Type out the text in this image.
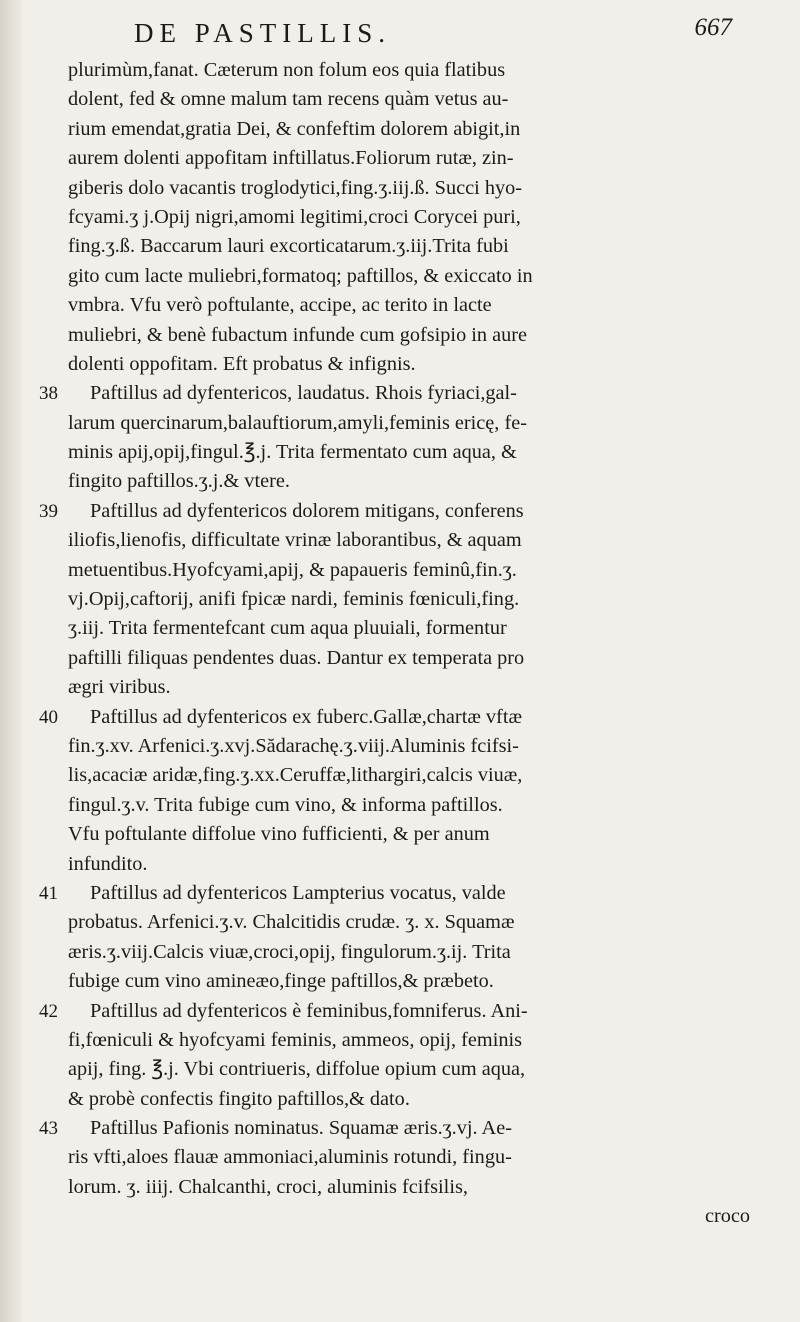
DE PASTILLIS.	667
plurimùm,fanat. Cæterum non folum eos quia flatibus
dolent, fed & omne malum tam recens quàm vetus au-
rium emendat,gratia Dei, & confeftim dolorem abigit,in
aurem dolenti appofitam inftillatus.Foliorum rutæ, zin-
giberis dolo vacantis troglodytici,fing.ʒ.iij.ß. Succi hyo-
fcyami.ʒ j.Opij nigri,amomi legitimi,croci Corycei puri,
fing.ʒ.ß. Baccarum lauri excorticatarum.ʒ.iij.Trita fubi
gito cum lacte muliebri,formatoq; paftillos, & exiccato in
vmbra. Vfu verò poftulante, accipe, ac terito in lacte
muliebri, & benè fubactum infunde cum gofsipio in aure
dolenti oppofitam. Eft probatus & infignis.
38 Paftillus ad dyfentericos, laudatus. Rhois fyriaci,gal-
larum quercinarum,balauftiorum,amyli,feminis ericę, fe-
minis apij,opij,fingul.℥.j. Trita fermentato cum aqua, &
fingito paftillos.ʒ.j.& vtere.
39 Paftillus ad dyfentericos dolorem mitigans, conferens
iliofis,lienofis, difficultate vrinæ laborantibus, & aquam
metuentibus.Hyofcyami,apij, & papaueris feminû,fin.ʒ.
vj.Opij,caftorij, anifi fpicæ nardi, feminis fœniculi,fing.
ʒ.iij. Trita fermentefcant cum aqua pluuiali, formentur
paftilli filiquas pendentes duas. Dantur ex temperata pro
ægri viribus.
40 Paftillus ad dyfentericos ex fuberc.Gallæ,chartæ vftæ
fin.ʒ.xv. Arfenici.ʒ.xvj.Sădarachę.ʒ.viij.Aluminis fcifsi-
lis,acaciæ aridæ,fing.ʒ.xx.Ceruffæ,lithargiri,calcis viuæ,
fingul.ʒ.v. Trita fubige cum vino, & informa paftillos.
Vfu poftulante diffolue vino fufficienti, & per anum
infundito.
41 Paftillus ad dyfentericos Lampterius vocatus, valde
probatus. Arfenici.ʒ.v. Chalcitidis crudæ. ʒ. x. Squamæ
æris.ʒ.viij.Calcis viuæ,croci,opij, fingulorum.ʒ.ij. Trita
fubige cum vino amineæo,finge paftillos,& præbeto.
42 Paftillus ad dyfentericos è feminibus,fomniferus. Ani-
fi,fœniculi & hyofcyami feminis, ammeos, opij, feminis
apij, fing. ℥.j. Vbi contriueris, diffolue opium cum aqua,
& probè confectis fingito paftillos,& dato.
43 Paftillus Pafionis nominatus. Squamæ æris.ʒ.vj. Ae-
ris vfti,aloes flauæ ammoniaci,aluminis rotundi, fingu-
lorum. ʒ. iiij. Chalcanthi, croci, aluminis fcifsilis,
croco
